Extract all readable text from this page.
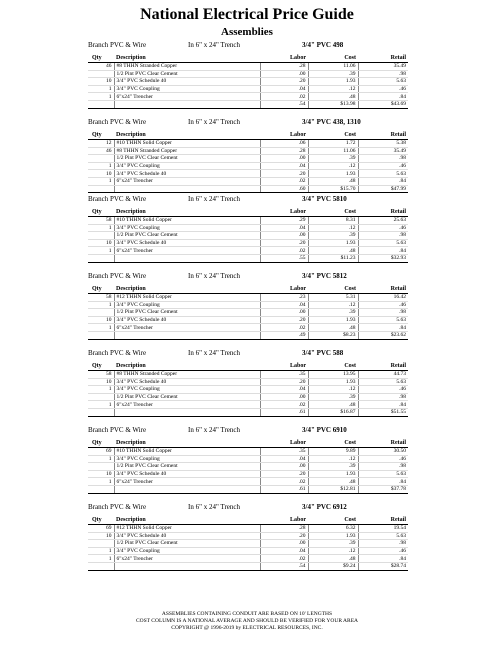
National Electrical Price Guide
Assemblies
Branch PVC & Wire	In 6" x 24" Trench	3/4" PVC 498
Qty	Description	Labor	Cost	Retail
46	#8 THHN Stranded Copper	.28	11.06	35.49
	1/2 Pint PVC Clear Cement	.00	.39	.98
10	3/4" PVC Schedule 40	.20	1.93	5.63
1	3/4" PVC Coupling	.04	.12	.46
1	6"x24" Trencher	.02	.48	.84
		.54	$13.98	$43.69
Branch PVC & Wire	In 6" x 24" Trench	3/4" PVC 438, 1310
Qty	Description	Labor	Cost	Retail
12	#10 THHN Solid Copper	.06	1.72	5.38
46	#8 THHN Stranded Copper	.28	11.06	35.49
	1/2 Pint PVC Clear Cement	.00	.39	.98
1	3/4" PVC Coupling	.04	.12	.46
10	3/4" PVC Schedule 40	.20	1.93	5.63
1	6"x24" Trencher	.02	.48	.84
		.60	$15.70	$47.99
Branch PVC & Wire	In 6" x 24" Trench	3/4" PVC 5810
Qty	Description	Labor	Cost	Retail
58	#10 THHN Solid Copper	.29	8.31	25.63
1	3/4" PVC Coupling	.04	.12	.46
	1/2 Pint PVC Clear Cement	.00	.39	.98
10	3/4" PVC Schedule 40	.20	1.93	5.63
1	6"x24" Trencher	.02	.48	.84
		.55	$11.23	$32.93
Branch PVC & Wire	In 6" x 24" Trench	3/4" PVC 5812
Qty	Description	Labor	Cost	Retail
58	#12 THHN Solid Copper	.23	5.31	16.42
1	3/4" PVC Coupling	.04	.12	.46
	1/2 Pint PVC Clear Cement	.00	.39	.98
10	3/4" PVC Schedule 40	.20	1.93	5.63
1	6"x24" Trencher	.02	.48	.84
		.49	$8.23	$23.62
Branch PVC & Wire	In 6" x 24" Trench	3/4" PVC 588
Qty	Description	Labor	Cost	Retail
58	#8 THHN Stranded Copper	.35	13.95	44.73
10	3/4" PVC Schedule 40	.20	1.93	5.63
1	3/4" PVC Coupling	.04	.12	.46
	1/2 Pint PVC Clear Cement	.00	.39	.98
1	6"x24" Trencher	.02	.48	.84
		.61	$16.87	$51.55
Branch PVC & Wire	In 6" x 24" Trench	3/4" PVC 6910
Qty	Description	Labor	Cost	Retail
69	#10 THHN Solid Copper	.35	9.89	30.50
1	3/4" PVC Coupling	.04	.12	.46
	1/2 Pint PVC Clear Cement	.00	.39	.98
10	3/4" PVC Schedule 40	.20	1.93	5.63
1	6"x24" Trencher	.02	.48	.84
		.61	$12.81	$37.78
Branch PVC & Wire	In 6" x 24" Trench	3/4" PVC 6912
Qty	Description	Labor	Cost	Retail
69	#12 THHN Solid Copper	.28	6.32	19.54
10	3/4" PVC Schedule 40	.20	1.93	5.63
	1/2 Pint PVC Clear Cement	.00	.39	.98
1	3/4" PVC Coupling	.04	.12	.46
1	6"x24" Trencher	.02	.48	.84
		.54	$9.24	$28.74
ASSEMBLIES CONTAINING CONDUIT ARE BASED ON 10' LENGTHS
COST COLUMN IS A NATIONAL AVERAGE AND SHOULD BE VERIFIED FOR YOUR AREA
COPYRIGHT @ 1996-2019 by ELECTRICAL RESOURCES, INC.
